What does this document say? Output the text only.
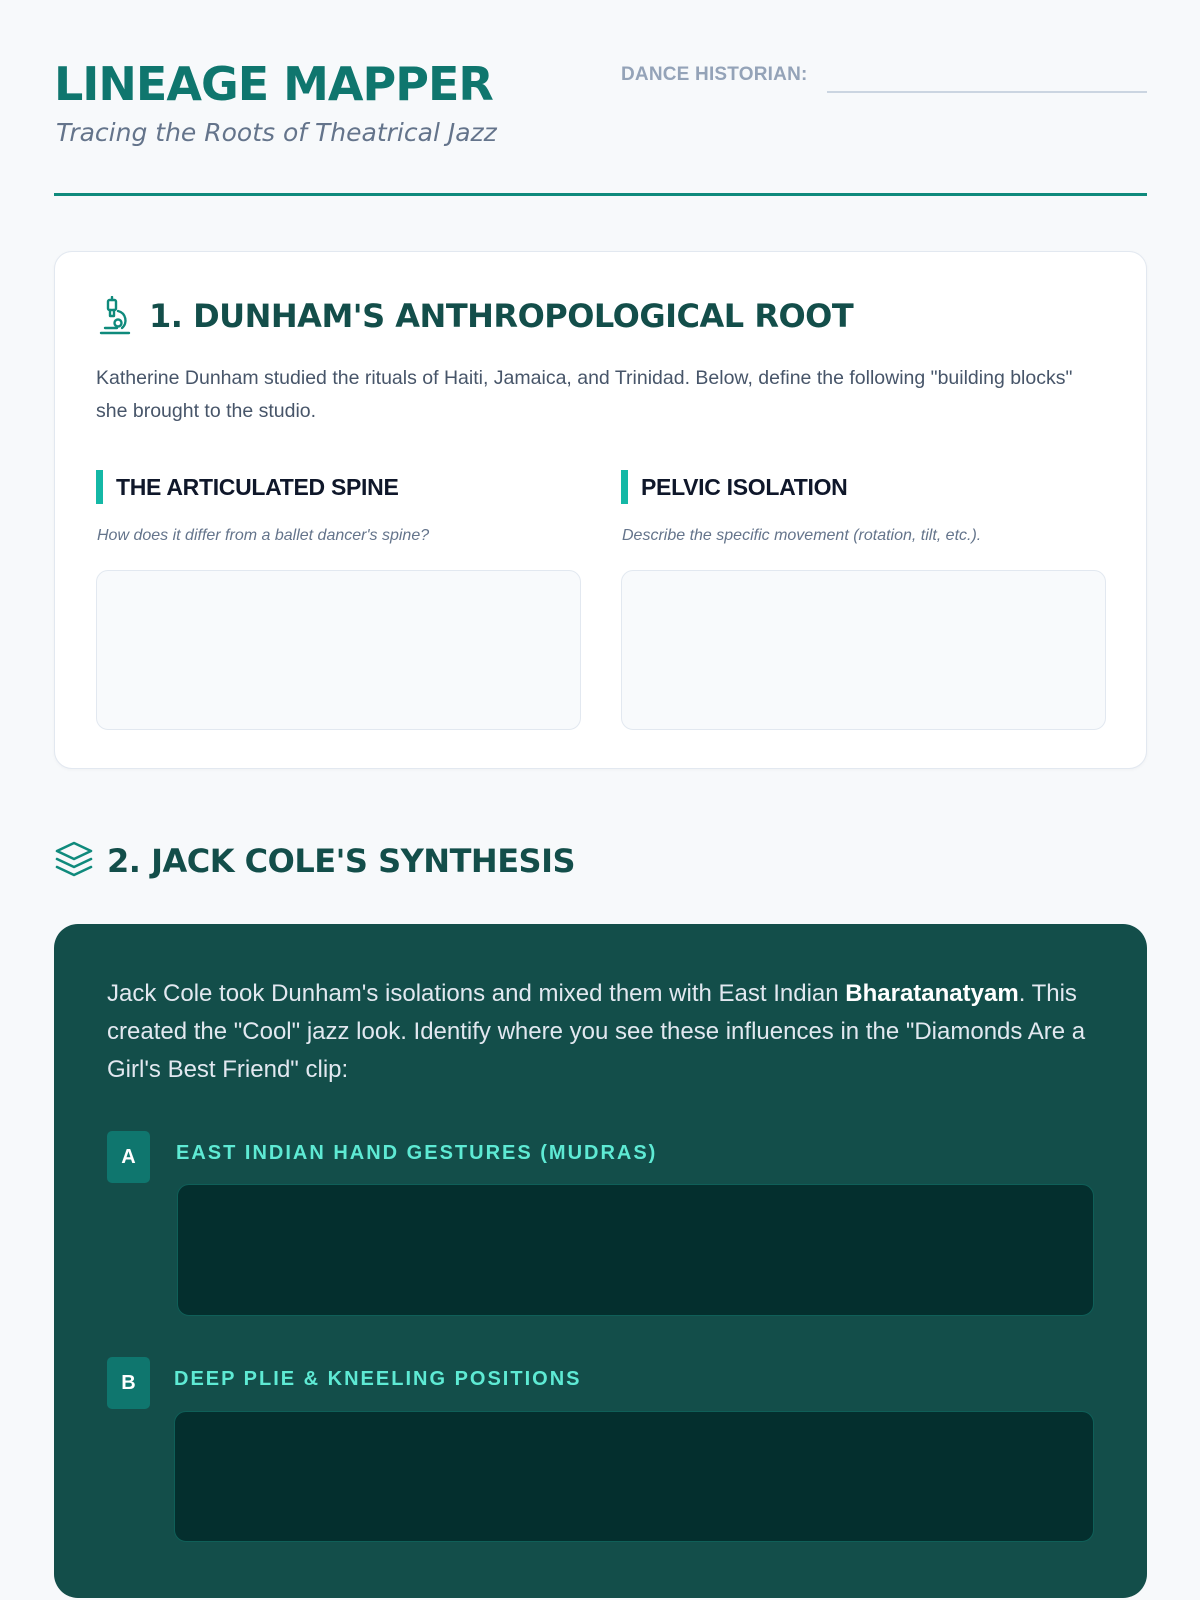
LINEAGE MAPPER
Tracing the Roots of Theatrical Jazz
DANCE HISTORIAN:
1. DUNHAM'S ANTHROPOLOGICAL ROOT
Katherine Dunham studied the rituals of Haiti, Jamaica, and Trinidad. Below, define the following "building blocks" she brought to the studio.
THE ARTICULATED SPINE
How does it differ from a ballet dancer's spine?
PELVIC ISOLATION
Describe the specific movement (rotation, tilt, etc.).
2. JACK COLE'S SYNTHESIS
Jack Cole took Dunham's isolations and mixed them with East Indian Bharatanatyam. This created the "Cool" jazz look. Identify where you see these influences in the "Diamonds Are a Girl's Best Friend" clip:
A	EAST INDIAN HAND GESTURES (MUDRAS)
B	DEEP PLIE & KNEELING POSITIONS
